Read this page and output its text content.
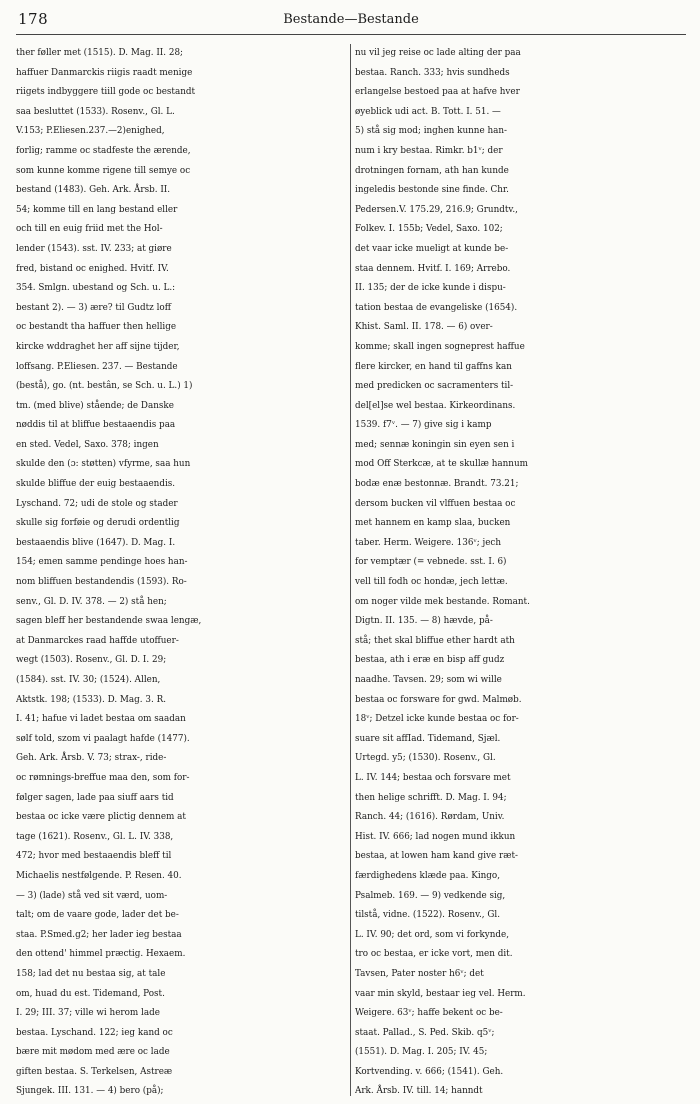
178	Bestande—Bestande
ther føller met (1515). D. Mag. II. 28;
haffuer Danmarckis riigis raadt menige
riigets indbyggere tiill gode oc bestandt
saa besluttet (1533). Rosenv., Gl. L.
V.153; P.Eliesen.237.—2)enighed,
forlig; ramme oc stadfeste the ærende,
som kunne komme rigene till semye oc
bestand (1483). Geh. Ark. Årsb. II.
54; komme till en lang bestand eller
och till en euig friid met the Hol-
lender (1543). sst. IV. 233; at giøre
fred, bistand oc enighed. Hvitf. IV.
354. Smlgn. ubestand og Sch. u. L.:
bestant 2). — 3) ære? til Gudtz loff
oc bestandt tha haffuer then hellige
kircke wddraghet her aff sijne tijder,
loffsang. P.Eliesen. 237. — Bestande
(bestå), go. (nt. bestân, se Sch. u. L.) 1)
tm. (med blive) stående; de Danske
nøddis til at bliffue bestaaendis paa
en sted. Vedel, Saxo. 378; ingen
skulde den (ɔ: støtten) vfyrme, saa hun
skulde bliffue der euig bestaaendis.
Lyschand. 72; udi de stole og stader
skulle sig forføie og derudi ordentlig
bestaaendis blive (1647). D. Mag. I.
154; emen samme pendinge hoes han-
nom bliffuen bestandendis (1593). Ro-
senv., Gl. D. IV. 378. — 2) stå hen;
sagen bleff her bestandende swaa lengæ,
at Danmarckes raad haffde utoffuer-
wegt (1503). Rosenv., Gl. D. I. 29;
(1584). sst. IV. 30; (1524). Allen,
Aktstk. 198; (1533). D. Mag. 3. R.
I. 41; hafue vi ladet bestaa om saadan
sølf told, szom vi paalagt hafde (1477).
Geh. Ark. Årsb. V. 73; strax-, ride-
oc rømnings-breffue maa den, som for-
følger sagen, lade paa siuff aars tid
bestaa oc icke være plictig dennem at
tage (1621). Rosenv., Gl. L. IV. 338,
472; hvor med bestaaendis bleff til
Michaelis nestfølgende. P. Resen. 40.
— 3) (lade) stå ved sit værd, uom-
talt; om de vaare gode, lader det be-
staa. P.Smed.g2; her lader ieg bestaa
den ottend' himmel præctig. Hexaem.
158; lad det nu bestaa sig, at tale
om, huad du est. Tidemand, Post.
I. 29; III. 37; ville wi herom lade
bestaa. Lyschand. 122; ieg kand oc
bære mit mødom med ære oc lade
giften bestaa. S. Terkelsen, Astreæ
Sjungek. III. 131. — 4) bero (på);
nu vil jeg reise oc lade alting der paa
bestaa. Ranch. 333; hvis sundheds
erlangelse bestoed paa at hafve hver
øyeblick udi act. B. Tott. I. 51. —
5) stå sig mod; inghen kunne han-
num i kry bestaa. Rimkr. b1ᵛ; der
drotningen fornam, ath han kunde
ingeledis bestonde sine finde. Chr.
Pedersen.V. 175.29, 216.9; Grundtv.,
Folkev. I. 155b; Vedel, Saxo. 102;
det vaar icke mueligt at kunde be-
staa dennem. Hvitf. I. 169; Arrebo.
II. 135; der de icke kunde i dispu-
tation bestaa de evangeliske (1654).
Khist. Saml. II. 178. — 6) over-
komme; skall ingen sogneprest haffue
flere kircker, en hand til gaffns kan
med predicken oc sacramenters til-
del[el]se wel bestaa. Kirkeordinans.
1539. f7ᵛ. — 7) give sig i kamp
med; sennæ koningin sin eyen sen i
mod Off Sterkcæ, at te skullæ hannum
bodæ enæ bestonnæ. Brandt. 73.21;
dersom bucken vil vlffuen bestaa oc
met hannem en kamp slaa, bucken
taber. Herm. Weigere. 136ᵛ; jech
for vemptær (= vebnede. sst. I. 6)
vell till fodh oc hondæ, jech lettæ.
om noger vilde mek bestande. Romant.
Digtn. II. 135. — 8) hævde, på-
stå; thet skal bliffue ether hardt ath
bestaa, ath i eræ en bisp aff gudz
naadhe. Tavsen. 29; som wi wille
bestaa oc forsware for gwd. Malmøb.
18ᵛ; Detzel icke kunde bestaa oc for-
suare sit affIad. Tidemand, Sjæl.
Urtegd. y5; (1530). Rosenv., Gl.
L. IV. 144; bestaa och forsvare met
then helige schrifft. D. Mag. I. 94;
Ranch. 44; (1616). Rørdam, Univ.
Hist. IV. 666; lad nogen mund ikkun
bestaa, at lowen ham kand give ræt-
færdighedens klæde paa. Kingo,
Psalmeb. 169. — 9) vedkende sig,
tilstå, vidne. (1522). Rosenv., Gl.
L. IV. 90; det ord, som vi forkynde,
tro oc bestaa, er icke vort, men dit.
Tavsen, Pater noster h6ᵛ; det
vaar min skyld, bestaar ieg vel. Herm.
Weigere. 63ᵛ; haffe bekent oc be-
staat. Pallad., S. Ped. Skib. q5ᵛ;
(1551). D. Mag. I. 205; IV. 45;
Kortvending. v. 666; (1541). Geh.
Ark. Årsb. IV. till. 14; hanndt
